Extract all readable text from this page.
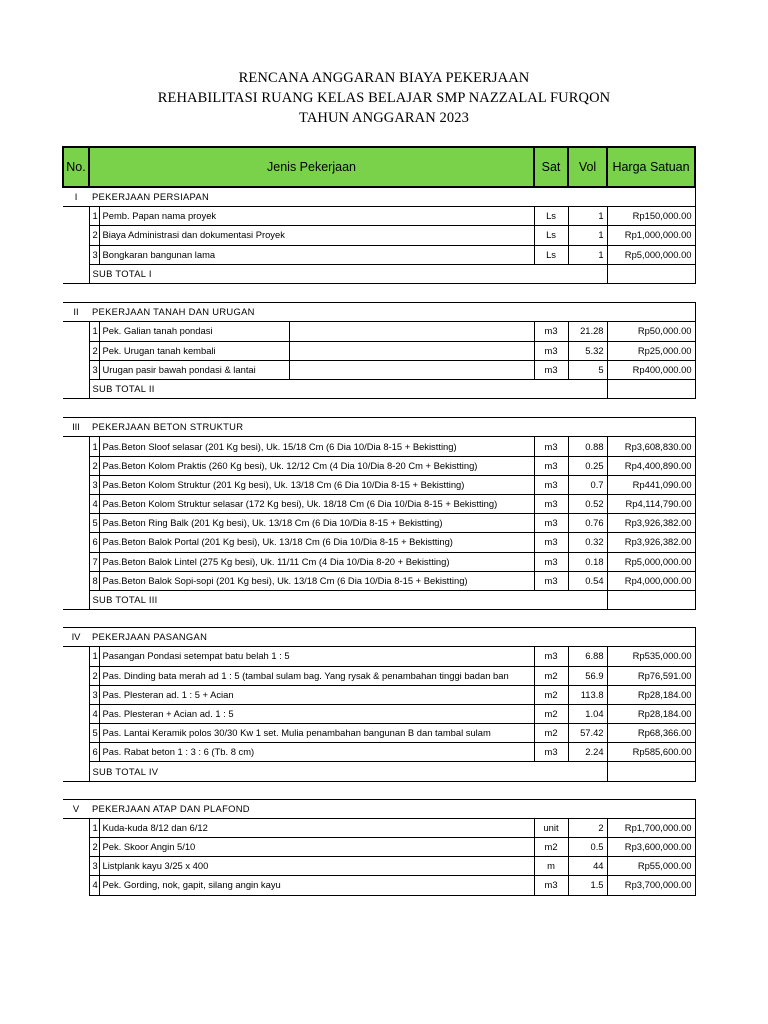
RENCANA ANGGARAN BIAYA PEKERJAAN
REHABILITASI RUANG KELAS BELAJAR SMP NAZZALAL FURQON
TAHUN ANGGARAN 2023
No.	Jenis Pekerjaan			Sat	Vol	Harga Satuan
I	PEKERJAAN PERSIAPAN					
	1	Pemb. Papan nama proyek		Ls	1	Rp150,000.00
	2	Biaya Administrasi dan dokumentasi Proyek		Ls	1	Rp1,000,000.00
	3	Bongkaran bangunan lama		Ls	1	Rp5,000,000.00
	SUB TOTAL I					

II	PEKERJAAN TANAH DAN URUGAN					
	1	Pek. Galian tanah pondasi		m3	21.28	Rp50,000.00
	2	Pek. Urugan tanah kembali		m3	5.32	Rp25,000.00
	3	Urugan pasir bawah pondasi & lantai		m3	5	Rp400,000.00
	SUB TOTAL II					

III	PEKERJAAN BETON STRUKTUR					
	1	Pas.Beton Sloof selasar (201 Kg besi), Uk. 15/18 Cm (6 Dia 10/Dia 8-15 + Bekistting)		m3	0.88	Rp3,608,830.00
	2	Pas.Beton Kolom Praktis (260 Kg besi), Uk. 12/12 Cm (4 Dia 10/Dia 8-20 Cm + Bekistting)		m3	0.25	Rp4,400,890.00
	3	Pas.Beton Kolom Struktur (201 Kg besi), Uk. 13/18 Cm (6 Dia 10/Dia 8-15 + Bekistting)		m3	0.7	Rp441,090.00
	4	Pas.Beton Kolom Struktur selasar (172 Kg besi), Uk. 18/18 Cm (6 Dia 10/Dia 8-15 + Bekistting)		m3	0.52	Rp4,114,790.00
	5	Pas.Beton Ring Balk (201 Kg besi), Uk. 13/18 Cm (6 Dia 10/Dia 8-15 + Bekistting)		m3	0.76	Rp3,926,382.00
	6	Pas.Beton Balok Portal (201 Kg besi), Uk. 13/18 Cm (6 Dia 10/Dia 8-15 + Bekistting)		m3	0.32	Rp3,926,382.00
	7	Pas.Beton Balok Lintel (275 Kg besi), Uk. 11/11 Cm (4 Dia 10/Dia 8-20 + Bekistting)		m3	0.18	Rp5,000,000.00
	8	Pas.Beton Balok Sopi-sopi (201 Kg besi), Uk. 13/18 Cm (6 Dia 10/Dia 8-15 + Bekistting)		m3	0.54	Rp4,000,000.00
	SUB TOTAL III					

IV	PEKERJAAN PASANGAN					
	1	Pasangan Pondasi setempat batu belah 1 : 5		m3	6.88	Rp535,000.00
	2	Pas. Dinding bata merah ad 1 : 5 (tambal sulam bag. Yang rysak & penambahan tinggi badan ban		m2	56.9	Rp76,591.00
	3	Pas. Plesteran ad. 1 : 5 + Acian		m2	113.8	Rp28,184.00
	4	Pas. Plesteran + Acian ad. 1 : 5		m2	1.04	Rp28,184.00
	5	Pas. Lantai Keramik polos 30/30 Kw 1 set. Mulia penambahan bangunan B dan tambal sulam		m2	57.42	Rp68,366.00
	6	Pas. Rabat beton 1 : 3 : 6 (Tb. 8 cm)		m3	2.24	Rp585,600.00
	SUB TOTAL IV					

V	PEKERJAAN ATAP DAN PLAFOND					
	1	Kuda-kuda 8/12 dan 6/12		unit	2	Rp1,700,000.00
	2	Pek. Skoor Angin 5/10		m2	0.5	Rp3,600,000.00
	3	Listplank kayu 3/25 x 400		m	44	Rp55,000.00
	4	Pek. Gording, nok, gapit, silang angin kayu		m3	1.5	Rp3,700,000.00
